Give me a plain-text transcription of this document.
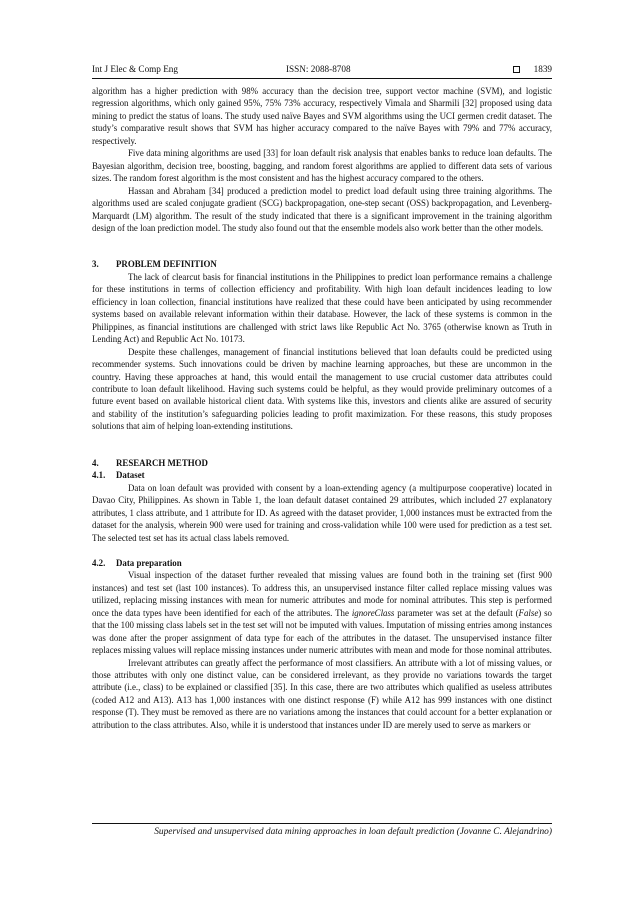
Int J Elec & Comp Eng	ISSN: 2088-8708	1839

algorithm has a higher prediction with 98% accuracy than the decision tree, support vector machine (SVM), and logistic regression algorithms, which only gained 95%, 75% 73% accuracy, respectively Vimala and Sharmili [32] proposed using data mining to predict the status of loans. The study used naïve Bayes and SVM algorithms using the UCI germen credit dataset. The study’s comparative result shows that SVM has higher accuracy compared to the naïve Bayes with 79% and 77% accuracy, respectively.

Five data mining algorithms are used [33] for loan default risk analysis that enables banks to reduce loan defaults. The Bayesian algorithm, decision tree, boosting, bagging, and random forest algorithms are applied to different data sets of various sizes. The random forest algorithm is the most consistent and has the highest accuracy compared to the others.

Hassan and Abraham [34] produced a prediction model to predict load default using three training algorithms. The algorithms used are scaled conjugate gradient (SCG) backpropagation, one-step secant (OSS) backpropagation, and Levenberg-Marquardt (LM) algorithm. The result of the study indicated that there is a significant improvement in the training algorithm design of the loan prediction model. The study also found out that the ensemble models also work better than the other models.

3. PROBLEM DEFINITION

The lack of clearcut basis for financial institutions in the Philippines to predict loan performance remains a challenge for these institutions in terms of collection efficiency and profitability. With high loan default incidences leading to low efficiency in loan collection, financial institutions have realized that these could have been anticipated by using recommender systems based on available relevant information within their database. However, the lack of these systems is common in the Philippines, as financial institutions are challenged with strict laws like Republic Act No. 3765 (otherwise known as Truth in Lending Act) and Republic Act No. 10173.

Despite these challenges, management of financial institutions believed that loan defaults could be predicted using recommender systems. Such innovations could be driven by machine learning approaches, but these are uncommon in the country. Having these approaches at hand, this would entail the management to use crucial customer data attributes could contribute to loan default likelihood. Having such systems could be helpful, as they would provide preliminary outcomes of a future event based on available historical client data. With systems like this, investors and clients alike are assured of security and stability of the institution’s safeguarding policies leading to profit maximization. For these reasons, this study proposes solutions that aim of helping loan-extending institutions.

4. RESEARCH METHOD

4.1. Dataset

Data on loan default was provided with consent by a loan-extending agency (a multipurpose cooperative) located in Davao City, Philippines. As shown in Table 1, the loan default dataset contained 29 attributes, which included 27 explanatory attributes, 1 class attribute, and 1 attribute for ID. As agreed with the dataset provider, 1,000 instances must be extracted from the dataset for the analysis, wherein 900 were used for training and cross-validation while 100 were used for prediction as a test set. The selected test set has its actual class labels removed.

4.2. Data preparation

Visual inspection of the dataset further revealed that missing values are found both in the training set (first 900 instances) and test set (last 100 instances). To address this, an unsupervised instance filter called replace missing values was utilized, replacing missing instances with mean for numeric attributes and mode for nominal attributes. This step is performed once the data types have been identified for each of the attributes. The ignoreClass parameter was set at the default (False) so that the 100 missing class labels set in the test set will not be imputed with values. Imputation of missing entries among instances was done after the proper assignment of data type for each of the attributes in the dataset. The unsupervised instance filter replaces missing values will replace missing instances under numeric attributes with mean and mode for those nominal attributes.

Irrelevant attributes can greatly affect the performance of most classifiers. An attribute with a lot of missing values, or those attributes with only one distinct value, can be considered irrelevant, as they provide no variations towards the target attribute (i.e., class) to be explained or classified [35]. In this case, there are two attributes which qualified as useless attributes (coded A12 and A13). A13 has 1,000 instances with one distinct response (F) while A12 has 999 instances with one distinct response (T). They must be removed as there are no variations among the instances that could account for a better explanation or attribution to the class attributes. Also, while it is understood that instances under ID are merely used to serve as markers or

Supervised and unsupervised data mining approaches in loan default prediction (Jovanne C. Alejandrino)
